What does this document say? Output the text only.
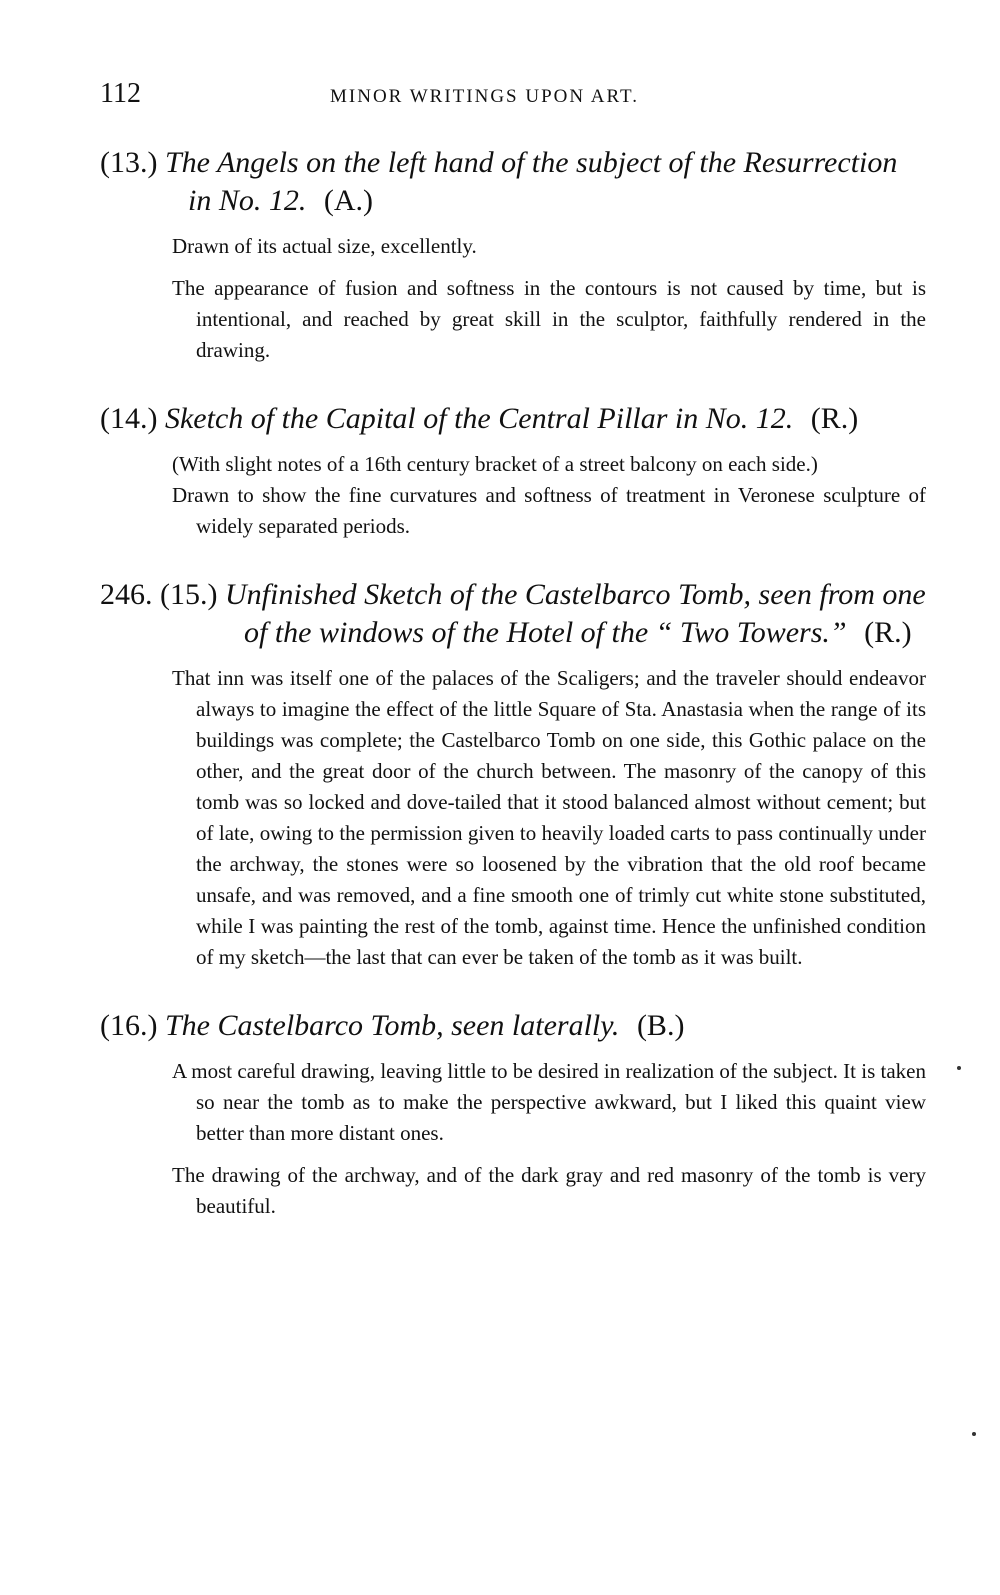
112	MINOR WRITINGS UPON ART.

(13.) The Angels on the left hand of the subject of the Resurrection in No. 12. (A.)

Drawn of its actual size, excellently.

The appearance of fusion and softness in the contours is not caused by time, but is intentional, and reached by great skill in the sculptor, faithfully rendered in the drawing.

(14.) Sketch of the Capital of the Central Pillar in No. 12. (R.)

(With slight notes of a 16th century bracket of a street balcony on each side.)

Drawn to show the fine curvatures and softness of treatment in Veronese sculpture of widely separated periods.

246. (15.) Unfinished Sketch of the Castelbarco Tomb, seen from one of the windows of the Hotel of the “ Two Towers.” (R.)

That inn was itself one of the palaces of the Scaligers; and the traveler should endeavor always to imagine the effect of the little Square of Sta. Anastasia when the range of its buildings was complete; the Castelbarco Tomb on one side, this Gothic palace on the other, and the great door of the church between. The masonry of the canopy of this tomb was so locked and dove-tailed that it stood balanced almost without cement; but of late, owing to the permission given to heavily loaded carts to pass continually under the archway, the stones were so loosened by the vibration that the old roof became unsafe, and was removed, and a fine smooth one of trimly cut white stone substituted, while I was painting the rest of the tomb, against time. Hence the unfinished condition of my sketch—the last that can ever be taken of the tomb as it was built.

(16.) The Castelbarco Tomb, seen laterally. (B.)

A most careful drawing, leaving little to be desired in realization of the subject. It is taken so near the tomb as to make the perspective awkward, but I liked this quaint view better than more distant ones.

The drawing of the archway, and of the dark gray and red masonry of the tomb is very beautiful.
